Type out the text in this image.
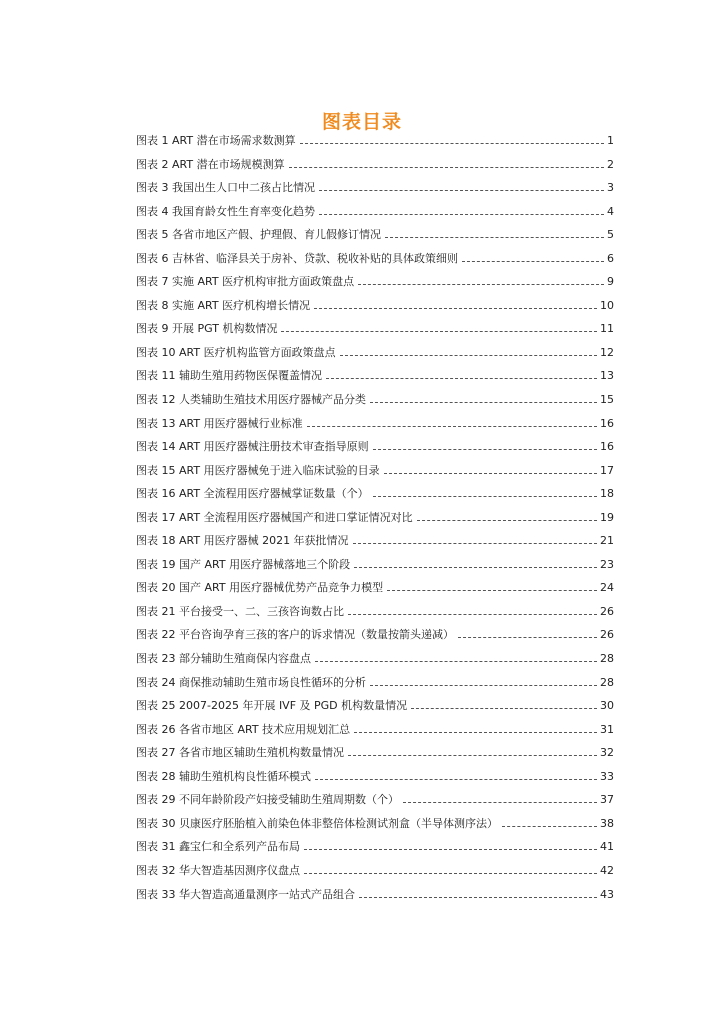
图表目录
图表 1 ART 潜在市场需求数测算	1
图表 2 ART 潜在市场规模测算	2
图表 3 我国出生人口中二孩占比情况	3
图表 4 我国育龄女性生育率变化趋势	4
图表 5 各省市地区产假、护理假、育儿假修订情况	5
图表 6 吉林省、临泽县关于房补、贷款、税收补贴的具体政策细则	6
图表 7 实施 ART 医疗机构审批方面政策盘点	9
图表 8 实施 ART 医疗机构增长情况	10
图表 9 开展 PGT 机构数情况	11
图表 10 ART 医疗机构监管方面政策盘点	12
图表 11 辅助生殖用药物医保覆盖情况	13
图表 12 人类辅助生殖技术用医疗器械产品分类	15
图表 13 ART 用医疗器械行业标准	16
图表 14 ART 用医疗器械注册技术审查指导原则	16
图表 15 ART 用医疗器械免于进入临床试验的目录	17
图表 16 ART 全流程用医疗器械掌证数量（个）	18
图表 17 ART 全流程用医疗器械国产和进口掌证情况对比	19
图表 18 ART 用医疗器械 2021 年获批情况	21
图表 19 国产 ART 用医疗器械落地三个阶段	23
图表 20 国产 ART 用医疗器械优势产品竞争力模型	24
图表 21 平台接受一、二、三孩咨询数占比	26
图表 22 平台咨询孕育三孩的客户的诉求情况（数量按箭头递减）	26
图表 23 部分辅助生殖商保内容盘点	28
图表 24 商保推动辅助生殖市场良性循环的分析	28
图表 25 2007-2025 年开展 IVF 及 PGD 机构数量情况	30
图表 26 各省市地区 ART 技术应用规划汇总	31
图表 27 各省市地区辅助生殖机构数量情况	32
图表 28 辅助生殖机构良性循环模式	33
图表 29 不同年龄阶段产妇接受辅助生殖周期数（个）	37
图表 30 贝康医疗胚胎植入前染色体非整倍体检测试剂盒（半导体测序法）	38
图表 31 鑫宝仁和全系列产品布局	41
图表 32 华大智造基因测序仪盘点	42
图表 33 华大智造高通量测序一站式产品组合	43
